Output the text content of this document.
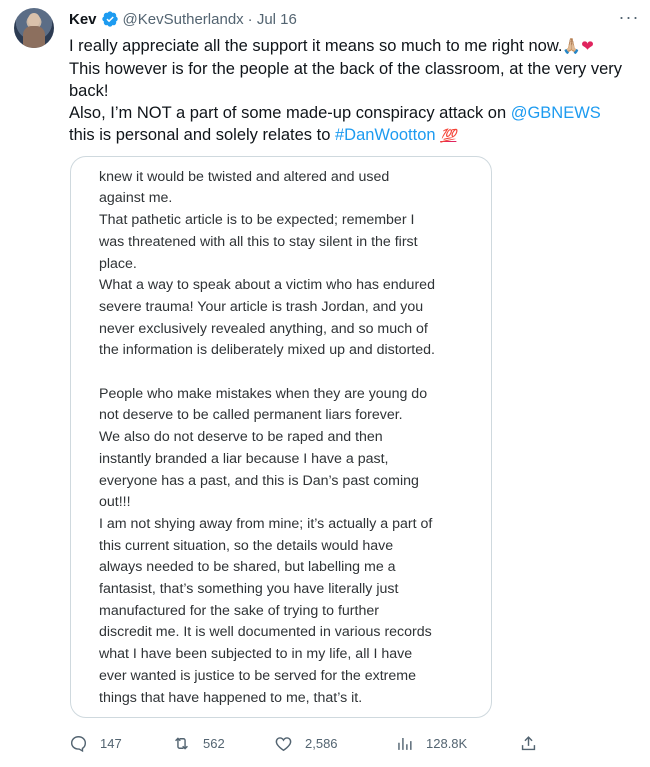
Kev @KevSutherlandx · Jul 16	···

I really appreciate all the support it means so much to me right now.🙏🏼❤

This however is for the people at the back of the classroom, at the very very back!

Also, I’m NOT a part of some made-up conspiracy attack on @GBNEWS

this is personal and solely relates to #DanWootton 💯

knew it would be twisted and altered and used

against me.

That pathetic article is to be expected; remember I

was threatened with all this to stay silent in the first

place.

What a way to speak about a victim who has endured

severe trauma! Your article is trash Jordan, and you

never exclusively revealed anything, and so much of

the information is deliberately mixed up and distorted.

People who make mistakes when they are young do

not deserve to be called permanent liars forever.

We also do not deserve to be raped and then

instantly branded a liar because I have a past,

everyone has a past, and this is Dan’s past coming

out!!!

I am not shying away from mine; it’s actually a part of

this current situation, so the details would have

always needed to be shared, but labelling me a

fantasist, that’s something you have literally just

manufactured for the sake of trying to further

discredit me. It is well documented in various records

what I have been subjected to in my life, all I have

ever wanted is justice to be served for the extreme

things that have happened to me, that’s it.

147	562	2,586	128.8K
